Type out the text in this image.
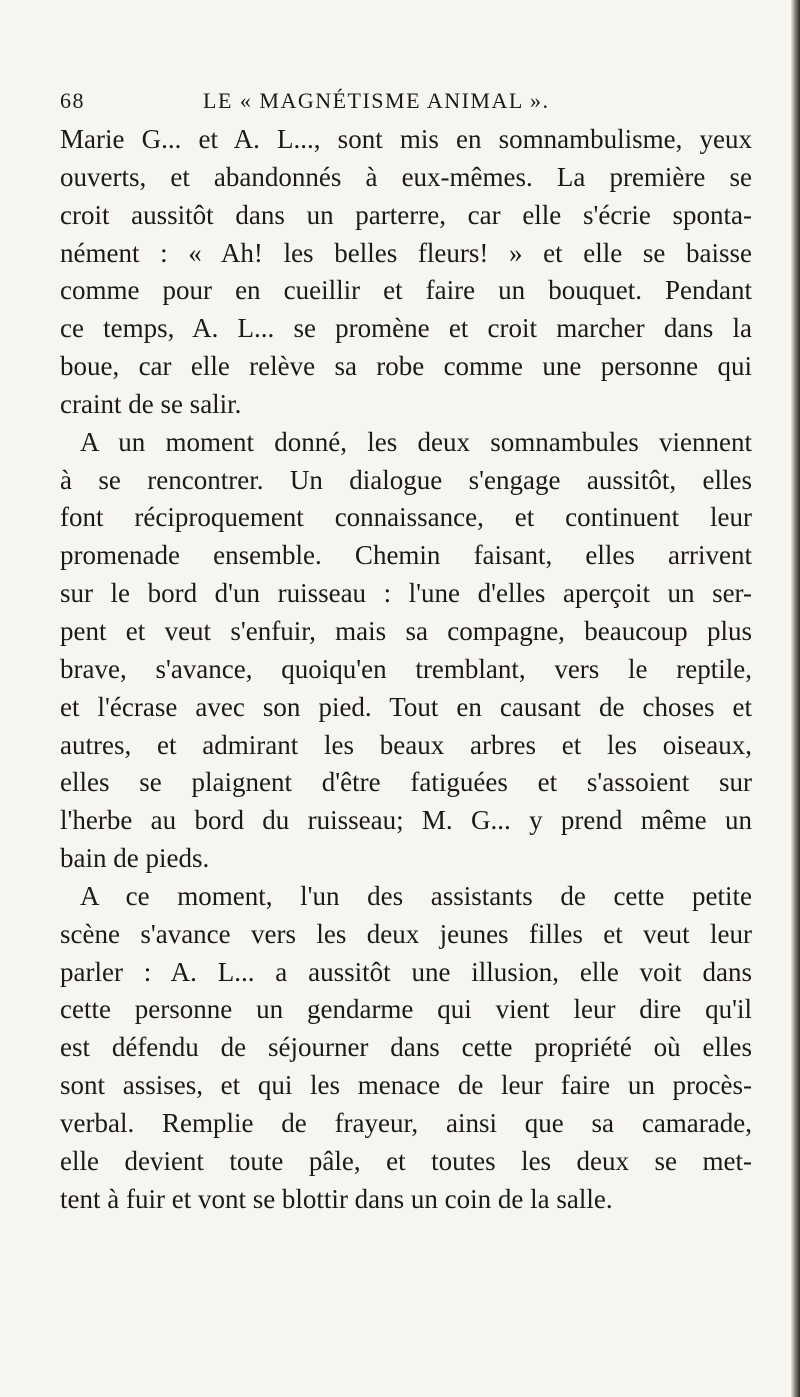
68	LE « MAGNÉTISME ANIMAL ».
Marie G... et A. L..., sont mis en somnambulisme, yeux
ouverts, et abandonnés à eux-mêmes. La première se
croit aussitôt dans un parterre, car elle s'écrie sponta-
nément : « Ah! les belles fleurs! » et elle se baisse
comme pour en cueillir et faire un bouquet. Pendant
ce temps, A. L... se promène et croit marcher dans la
boue, car elle relève sa robe comme une personne qui
craint de se salir.
A un moment donné, les deux somnambules viennent
à se rencontrer. Un dialogue s'engage aussitôt, elles
font réciproquement connaissance, et continuent leur
promenade ensemble. Chemin faisant, elles arrivent
sur le bord d'un ruisseau : l'une d'elles aperçoit un ser-
pent et veut s'enfuir, mais sa compagne, beaucoup plus
brave, s'avance, quoiqu'en tremblant, vers le reptile,
et l'écrase avec son pied. Tout en causant de choses et
autres, et admirant les beaux arbres et les oiseaux,
elles se plaignent d'être fatiguées et s'assoient sur
l'herbe au bord du ruisseau; M. G... y prend même un
bain de pieds.
A ce moment, l'un des assistants de cette petite
scène s'avance vers les deux jeunes filles et veut leur
parler : A. L... a aussitôt une illusion, elle voit dans
cette personne un gendarme qui vient leur dire qu'il
est défendu de séjourner dans cette propriété où elles
sont assises, et qui les menace de leur faire un procès-
verbal. Remplie de frayeur, ainsi que sa camarade,
elle devient toute pâle, et toutes les deux se met-
tent à fuir et vont se blottir dans un coin de la salle.
